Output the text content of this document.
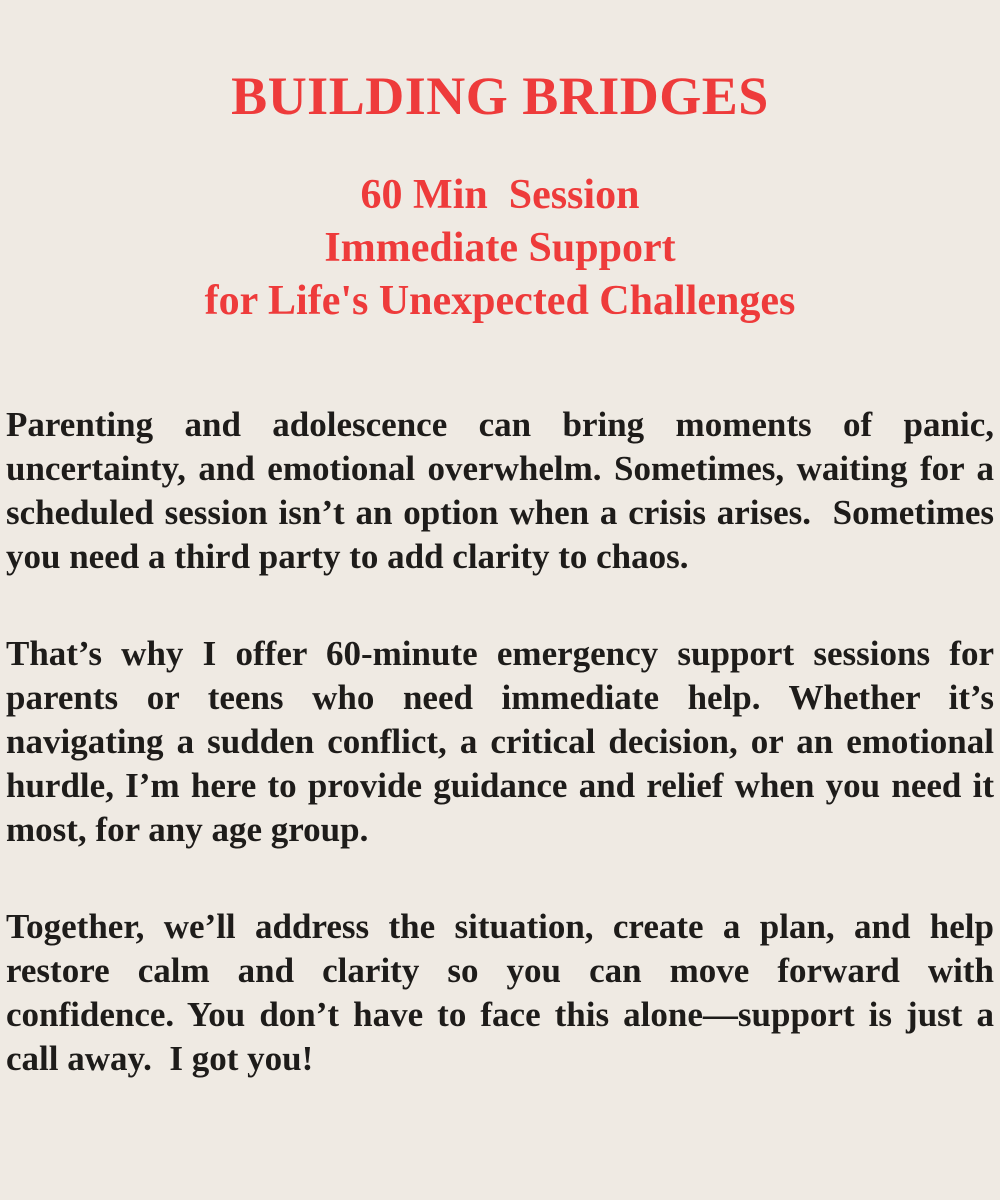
BUILDING BRIDGES
60 Min  Session
Immediate Support
for Life's Unexpected Challenges
Parenting and adolescence can bring moments of panic,
uncertainty, and emotional overwhelm. Sometimes, waiting for a
scheduled session isn’t an option when a crisis arises.  Sometimes
you need a third party to add clarity to chaos.
That’s why I offer 60-minute emergency support sessions for
parents or teens who need immediate help. Whether it’s
navigating a sudden conflict, a critical decision, or an emotional
hurdle, I’m here to provide guidance and relief when you need it
most, for any age group.
Together, we’ll address the situation, create a plan, and help
restore calm and clarity so you can move forward with
confidence. You don’t have to face this alone—support is just a
call away.  I got you!
